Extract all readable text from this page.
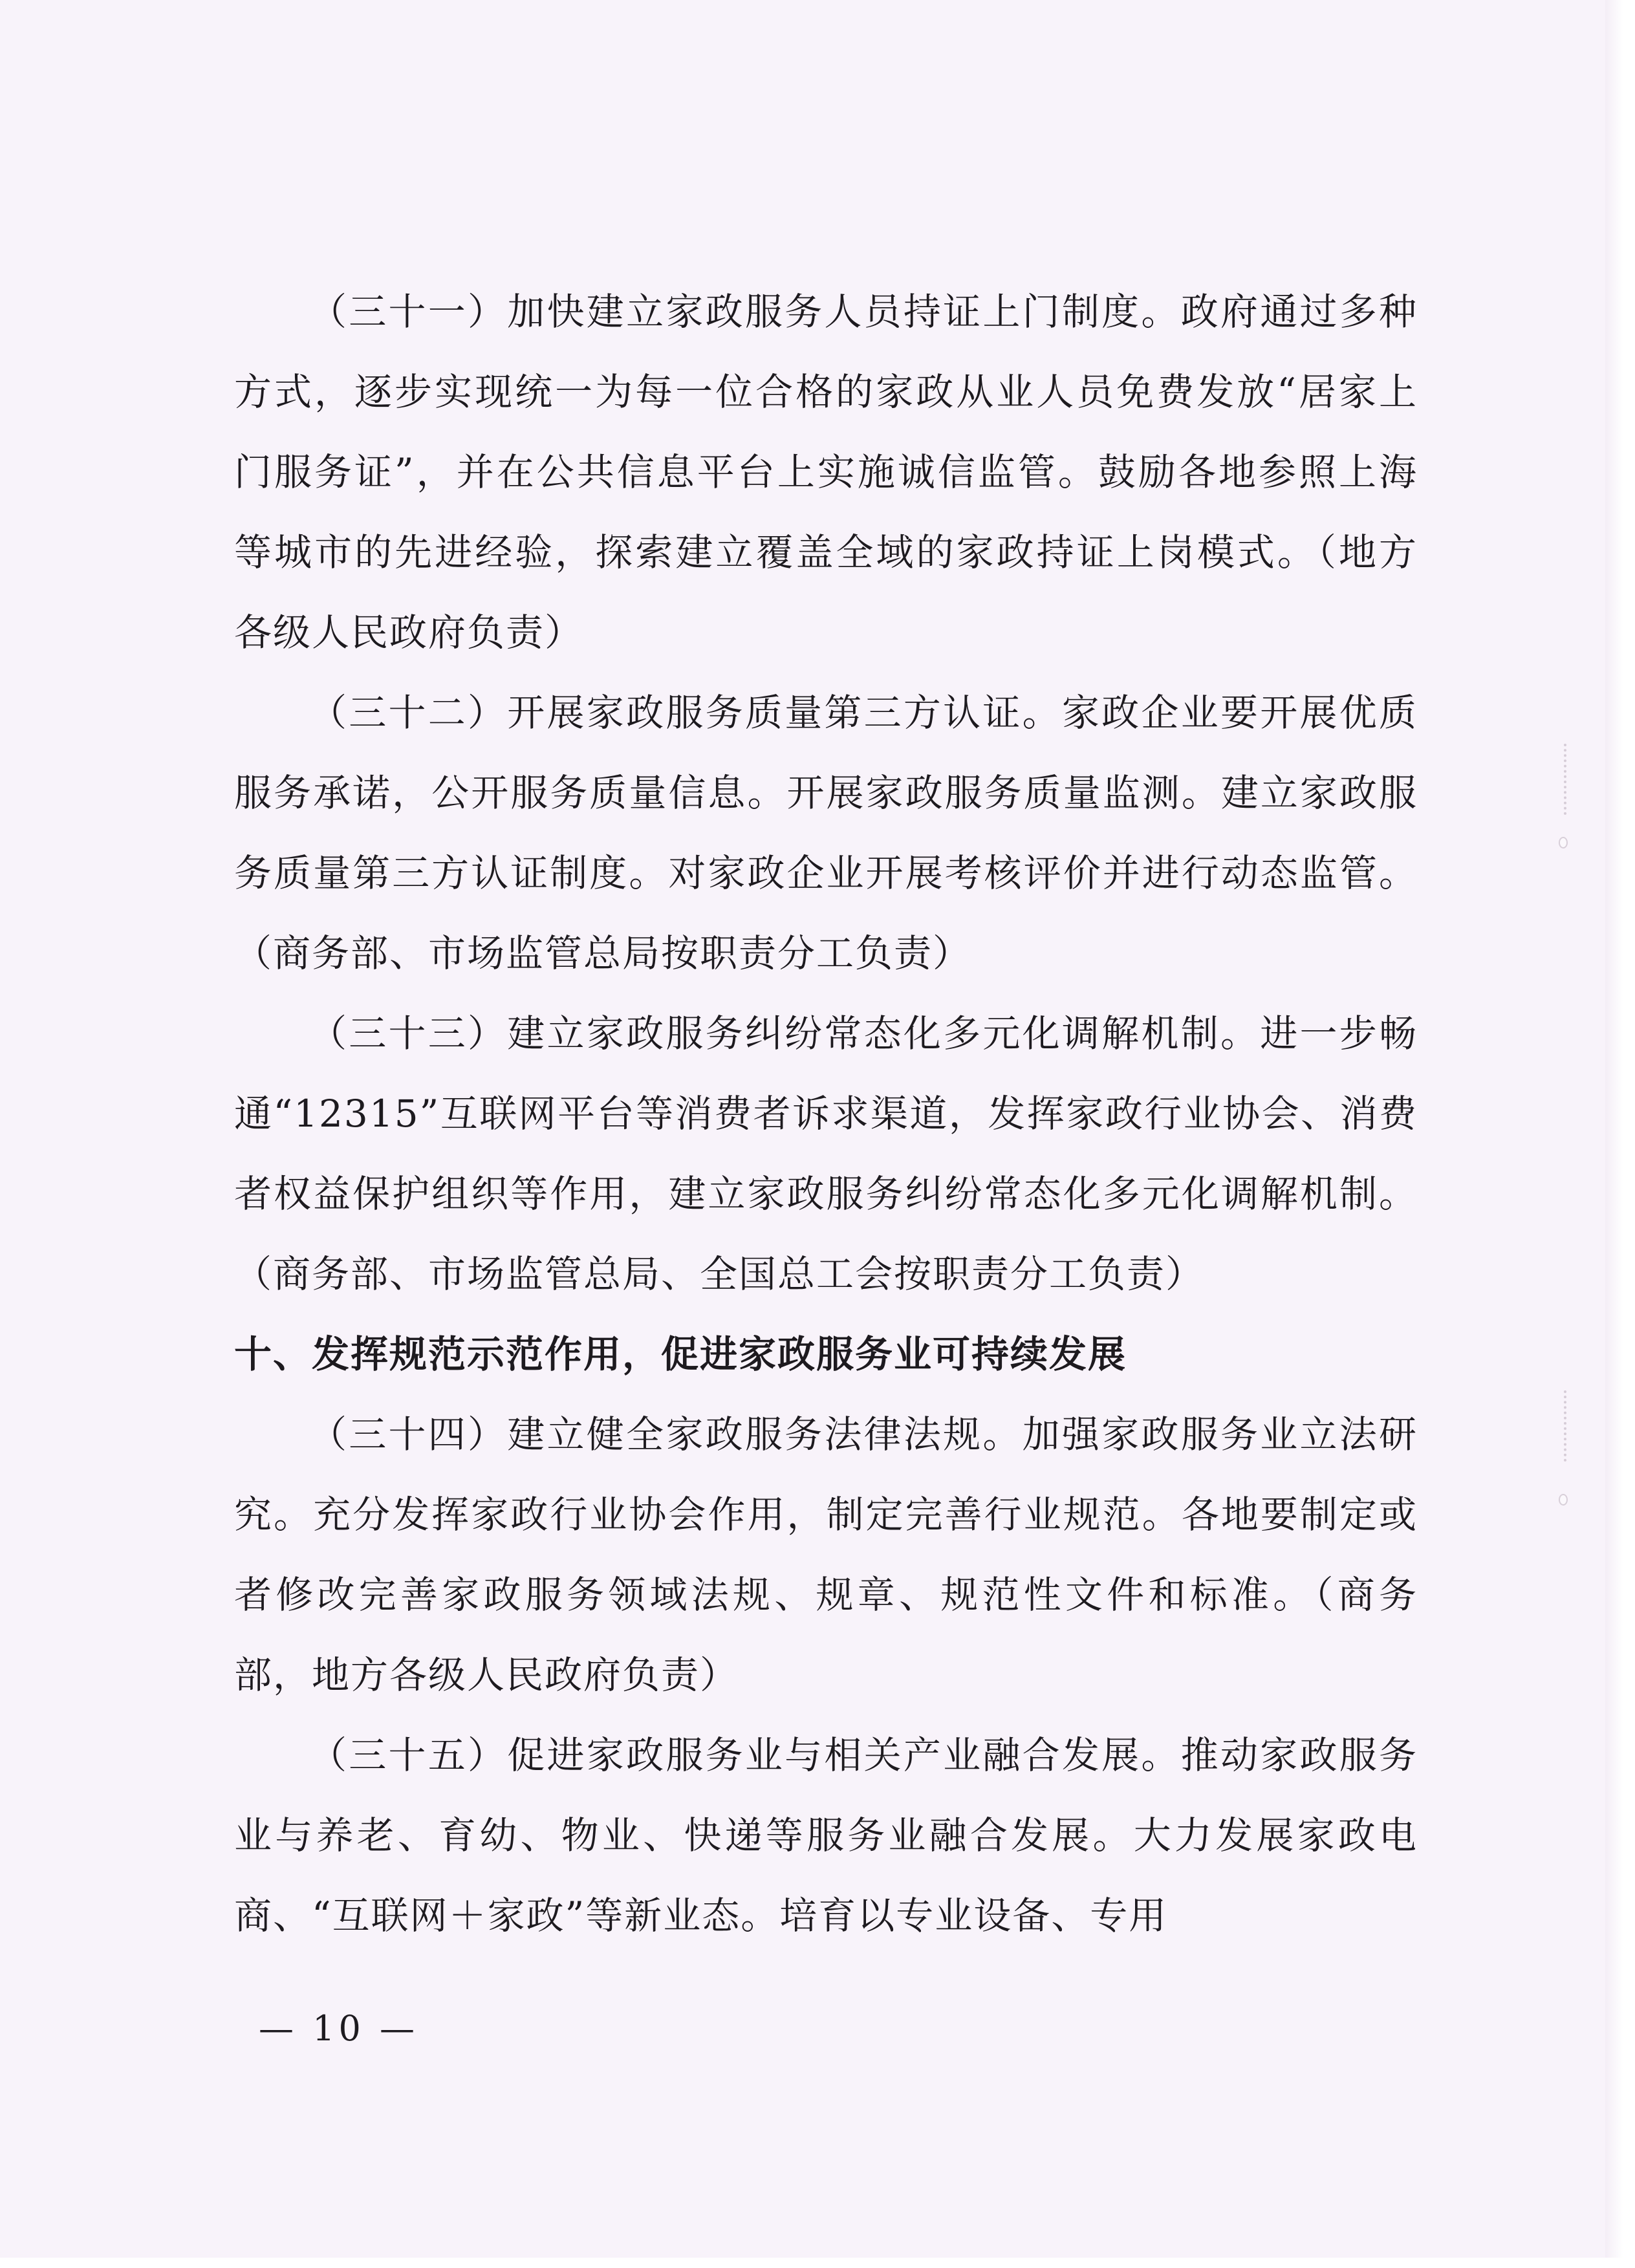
（三十一）加快建立家政服务人员持证上门制度。政府通过多种方式，逐步实现统一为每一位合格的家政从业人员免费发放“居家上门服务证”，并在公共信息平台上实施诚信监管。鼓励各地参照上海等城市的先进经验，探索建立覆盖全域的家政持证上岗模式。（地方各级人民政府负责）

（三十二）开展家政服务质量第三方认证。家政企业要开展优质服务承诺，公开服务质量信息。开展家政服务质量监测。建立家政服务质量第三方认证制度。对家政企业开展考核评价并进行动态监管。（商务部、市场监管总局按职责分工负责）

（三十三）建立家政服务纠纷常态化多元化调解机制。进一步畅通“12315”互联网平台等消费者诉求渠道，发挥家政行业协会、消费者权益保护组织等作用，建立家政服务纠纷常态化多元化调解机制。（商务部、市场监管总局、全国总工会按职责分工负责）

十、发挥规范示范作用，促进家政服务业可持续发展

（三十四）建立健全家政服务法律法规。加强家政服务业立法研究。充分发挥家政行业协会作用，制定完善行业规范。各地要制定或者修改完善家政服务领域法规、规章、规范性文件和标准。（商务部，地方各级人民政府负责）

（三十五）促进家政服务业与相关产业融合发展。推动家政服务业与养老、育幼、物业、快递等服务业融合发展。大力发展家政电商、“互联网＋家政”等新业态。培育以专业设备、专用

— 10 —
